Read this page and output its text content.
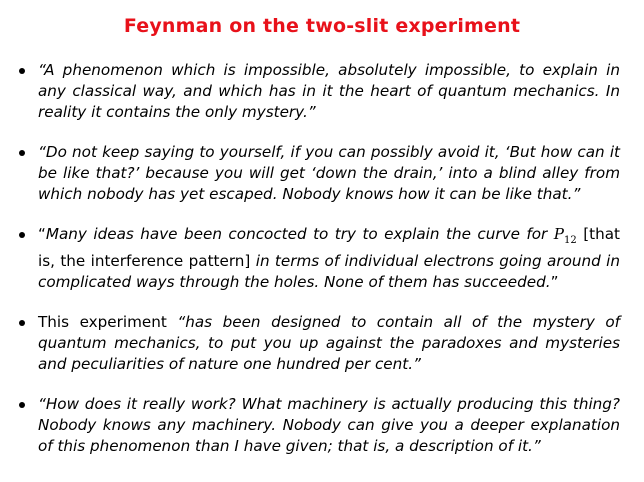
Feynman on the two-slit experiment
“A phenomenon which is impossible, absolutely impossible, to explain in any classical way, and which has in it the heart of quantum mechanics. In reality it contains the only mystery.”
“Do not keep saying to yourself, if you can possibly avoid it, ‘But how can it be like that?’ because you will get ‘down the drain,’ into a blind alley from which nobody has yet escaped. Nobody knows how it can be like that.”
“Many ideas have been concocted to try to explain the curve for $P_{12}$ [that is, the interference pattern] in terms of individual electrons going around in complicated ways through the holes. None of them has succeeded.”
This experiment “has been designed to contain all of the mystery of quantum mechanics, to put you up against the paradoxes and mysteries and peculiarities of nature one hundred per cent.”
“How does it really work? What machinery is actually producing this thing? Nobody knows any machinery. Nobody can give you a deeper explanation of this phenomenon than I have given; that is, a description of it.”
